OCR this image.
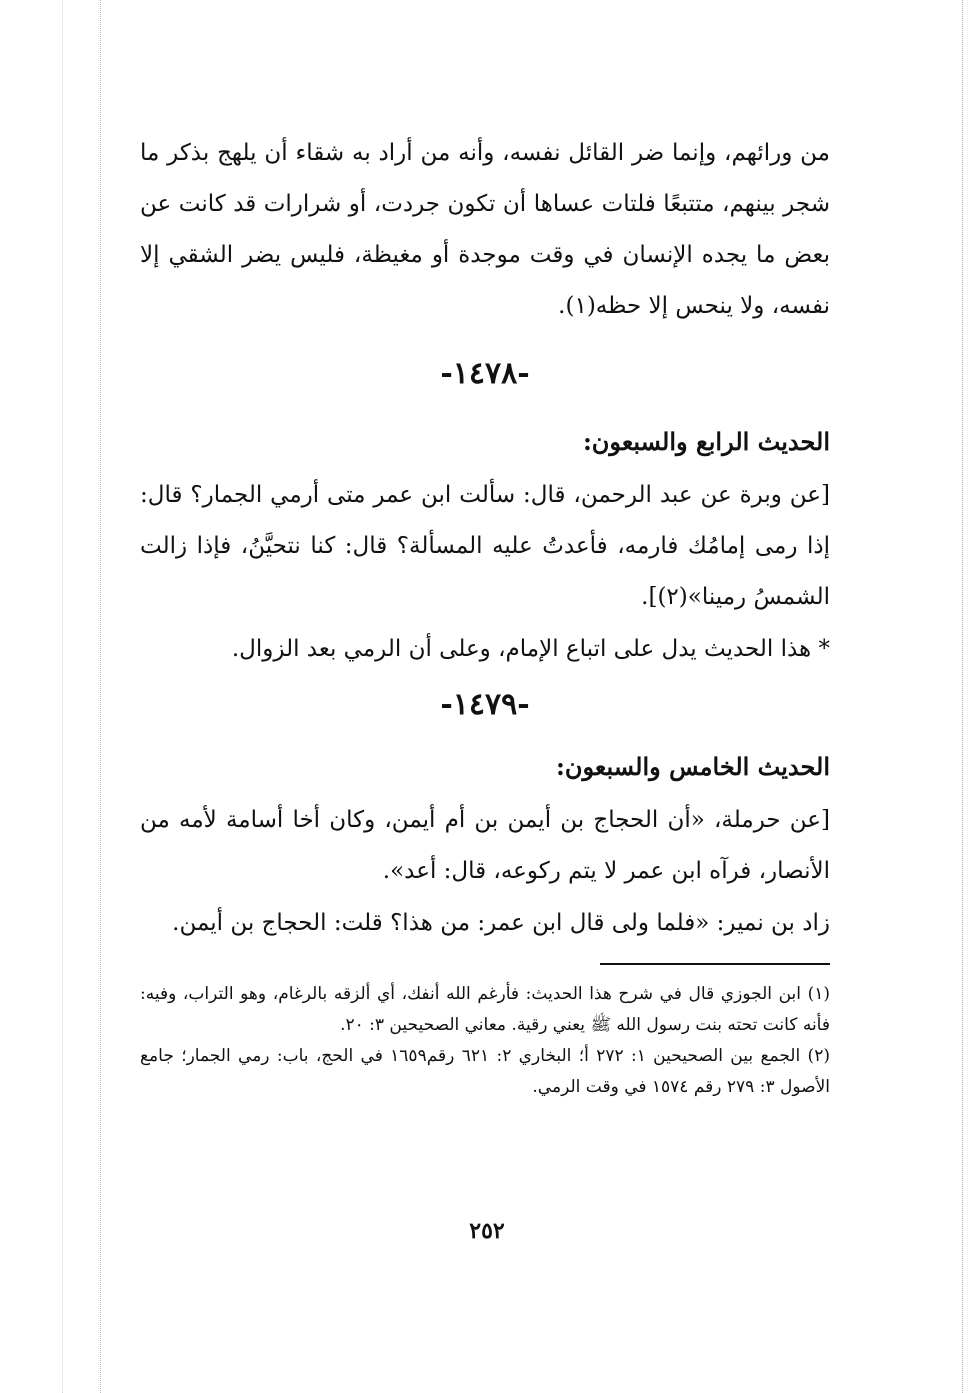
من ورائهم، وإنما ضر القائل نفسه، وأنه من أراد به شقاء أن يلهج بذكر ما شجر بينهم، متتبعًا فلتات عساها أن تكون جردت، أو شرارات قد كانت عن بعض ما يجده الإنسان في وقت موجدة أو مغيظة، فليس يضر الشقي إلا نفسه، ولا ينحس إلا حظه(١).

-١٤٧٨-

الحديث الرابع والسبعون:

[عن وبرة عن عبد الرحمن، قال: سألت ابن عمر متى أرمي الجمار؟ قال: إذا رمى إمامُك فارمه، فأعدتُ عليه المسألة؟ قال: كنا نتحيَّنُ، فإذا زالت الشمسُ رمينا»(٢)].

* هذا الحديث يدل على اتباع الإمام، وعلى أن الرمي بعد الزوال.

-١٤٧٩-

الحديث الخامس والسبعون:

[عن حرملة، «أن الحجاج بن أيمن بن أم أيمن، وكان أخا أسامة لأمه من الأنصار، فرآه ابن عمر لا يتم ركوعه، قال: أعد».

زاد بن نمير: «فلما ولى قال ابن عمر: من هذا؟ قلت: الحجاج بن أيمن.

(١) ابن الجوزي قال في شرح هذا الحديث: فأرغم الله أنفك، أي ألزقه بالرغام، وهو التراب، وفيه: فأنه كانت تحته بنت رسول الله ﷺ يعني رقية. معاني الصحيحين ٣: ٢٠.

(٢) الجمع بين الصحيحين ١: ٢٧٢ أ؛ البخاري ٢: ٦٢١ رقم١٦٥٩ في الحج، باب: رمي الجمار؛ جامع الأصول ٣: ٢٧٩ رقم ١٥٧٤ في وقت الرمي.

٢٥٢
